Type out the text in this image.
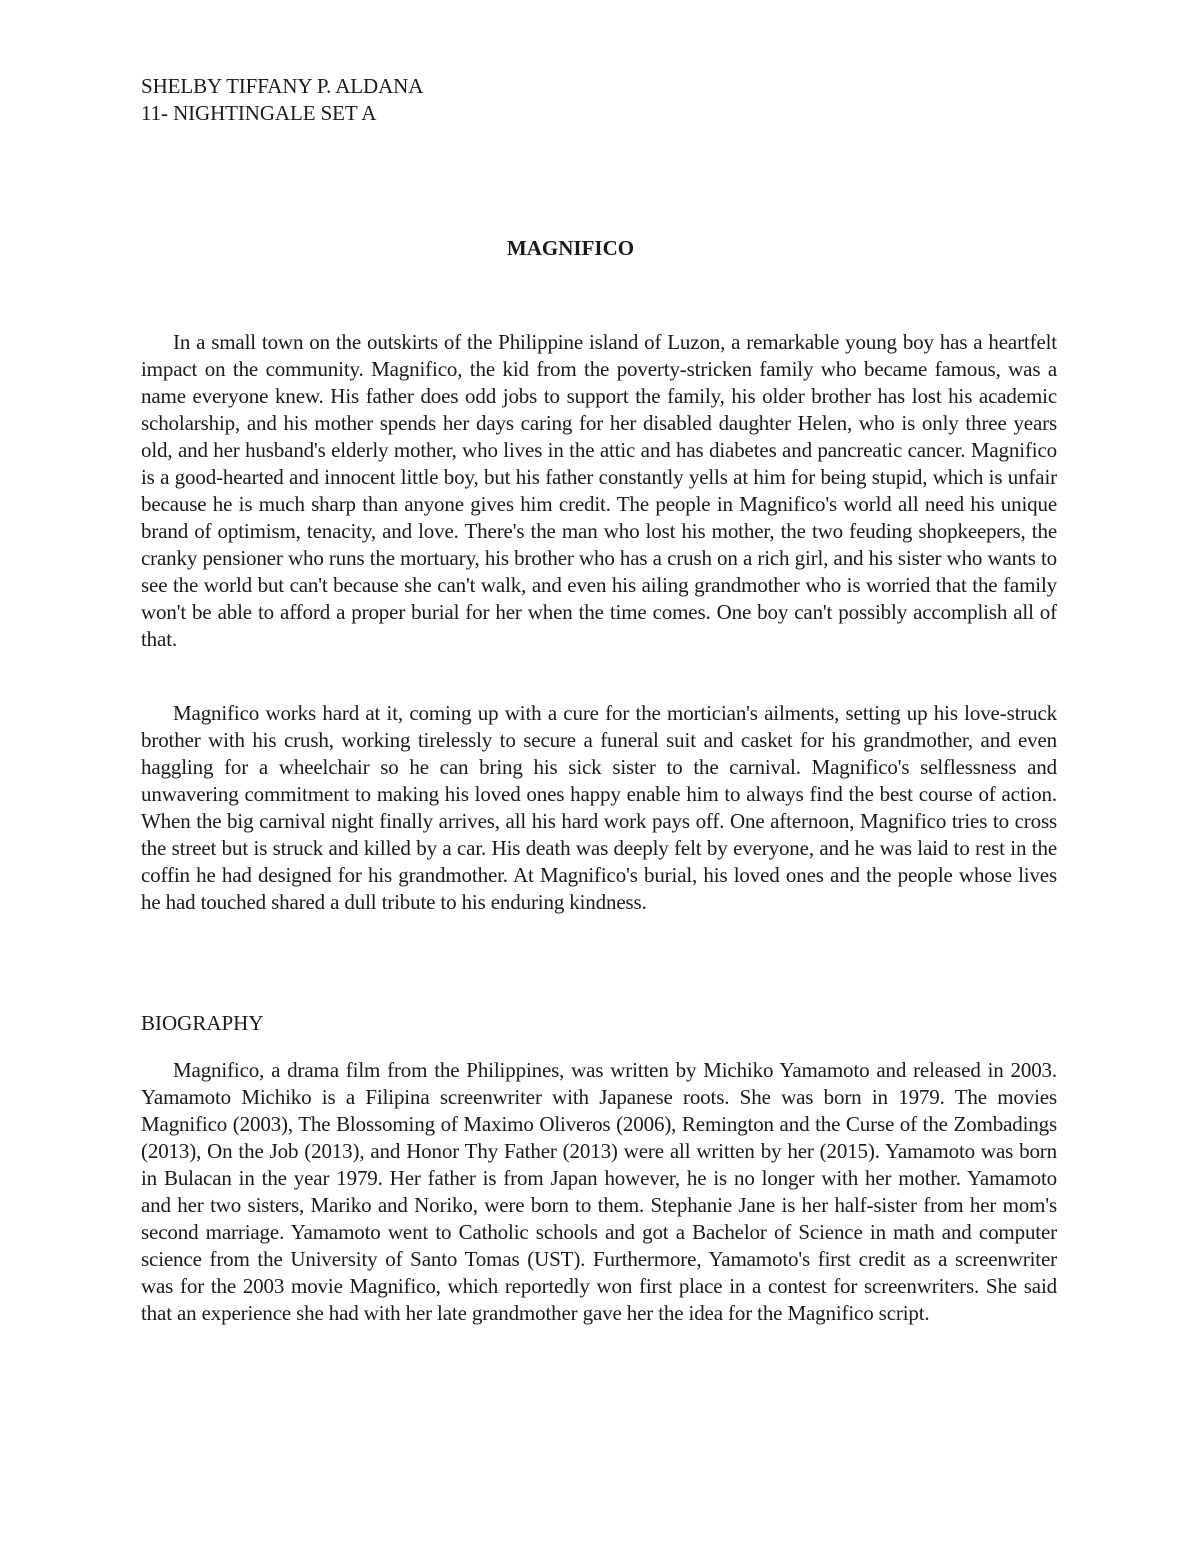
SHELBY TIFFANY P. ALDANA
11- NIGHTINGALE SET A
MAGNIFICO

In a small town on the outskirts of the Philippine island of Luzon, a remarkable young boy has a heartfelt impact on the community. Magnifico, the kid from the poverty-stricken family who became famous, was a name everyone knew. His father does odd jobs to support the family, his older brother has lost his academic scholarship, and his mother spends her days caring for her disabled daughter Helen, who is only three years old, and her husband's elderly mother, who lives in the attic and has diabetes and pancreatic cancer. Magnifico is a good-hearted and innocent little boy, but his father constantly yells at him for being stupid, which is unfair because he is much sharp than anyone gives him credit. The people in Magnifico's world all need his unique brand of optimism, tenacity, and love. There's the man who lost his mother, the two feuding shopkeepers, the cranky pensioner who runs the mortuary, his brother who has a crush on a rich girl, and his sister who wants to see the world but can't because she can't walk, and even his ailing grandmother who is worried that the family won't be able to afford a proper burial for her when the time comes. One boy can't possibly accomplish all of that.

Magnifico works hard at it, coming up with a cure for the mortician's ailments, setting up his love-struck brother with his crush, working tirelessly to secure a funeral suit and casket for his grandmother, and even haggling for a wheelchair so he can bring his sick sister to the carnival. Magnifico's selflessness and unwavering commitment to making his loved ones happy enable him to always find the best course of action. When the big carnival night finally arrives, all his hard work pays off. One afternoon, Magnifico tries to cross the street but is struck and killed by a car. His death was deeply felt by everyone, and he was laid to rest in the coffin he had designed for his grandmother. At Magnifico's burial, his loved ones and the people whose lives he had touched shared a dull tribute to his enduring kindness.

BIOGRAPHY

Magnifico, a drama film from the Philippines, was written by Michiko Yamamoto and released in 2003. Yamamoto Michiko is a Filipina screenwriter with Japanese roots. She was born in 1979. The movies Magnifico (2003), The Blossoming of Maximo Oliveros (2006), Remington and the Curse of the Zombadings (2013), On the Job (2013), and Honor Thy Father (2013) were all written by her (2015). Yamamoto was born in Bulacan in the year 1979. Her father is from Japan however, he is no longer with her mother. Yamamoto and her two sisters, Mariko and Noriko, were born to them. Stephanie Jane is her half-sister from her mom's second marriage. Yamamoto went to Catholic schools and got a Bachelor of Science in math and computer science from the University of Santo Tomas (UST). Furthermore, Yamamoto's first credit as a screenwriter was for the 2003 movie Magnifico, which reportedly won first place in a contest for screenwriters. She said that an experience she had with her late grandmother gave her the idea for the Magnifico script.
